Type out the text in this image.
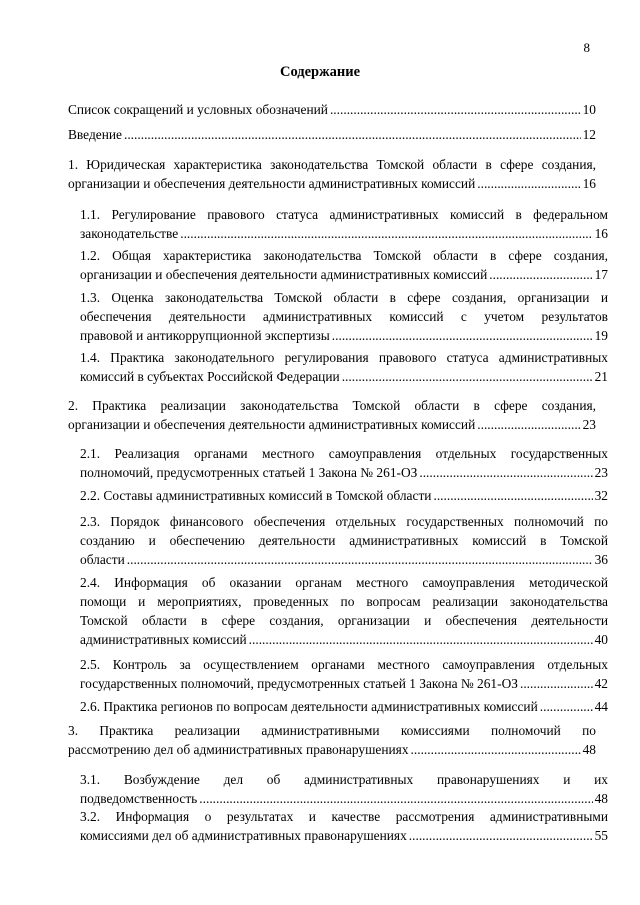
8
Содержание
Список сокращений и условных обозначений .....	10
Введение .....	12
1. Юридическая характеристика законодательства Томской области в сфере создания,
организации и обеспечения деятельности административных комиссий .....	16
1.1. Регулирование правового статуса административных комиссий в федеральном
законодательстве .....	16
1.2. Общая характеристика законодательства Томской области в сфере создания,
организации и обеспечения деятельности административных комиссий .....	17
1.3. Оценка законодательства Томской области в сфере создания, организации и
обеспечения деятельности административных комиссий с учетом результатов
правовой и антикоррупционной экспертизы .....	19
1.4. Практика законодательного регулирования правового статуса административных
комиссий в субъектах Российской Федерации .....	21
2. Практика реализации законодательства Томской области в сфере создания,
организации и обеспечения деятельности административных комиссий .....	23
2.1. Реализация органами местного самоуправления отдельных государственных
полномочий, предусмотренных статьей 1 Закона № 261-ОЗ .....	23
2.2. Составы административных комиссий в Томской области .....	32
2.3. Порядок финансового обеспечения отдельных государственных полномочий по
созданию и обеспечению деятельности административных комиссий в Томской
области .....	36
2.4. Информация об оказании органам местного самоуправления методической
помощи и мероприятиях, проведенных по вопросам реализации законодательства
Томской области в сфере создания, организации и обеспечения деятельности
административных комиссий .....	40
2.5. Контроль за осуществлением органами местного самоуправления отдельных
государственных полномочий, предусмотренных статьей 1 Закона № 261-ОЗ .....	42
2.6. Практика регионов по вопросам деятельности административных комиссий .....	44
3. Практика реализации административными комиссиями полномочий по
рассмотрению дел об административных правонарушениях .....	48
3.1. Возбуждение дел об административных правонарушениях и их
подведомственность .....	48
3.2. Информация о результатах и качестве рассмотрения административными
комиссиями дел об административных правонарушениях .....	55
